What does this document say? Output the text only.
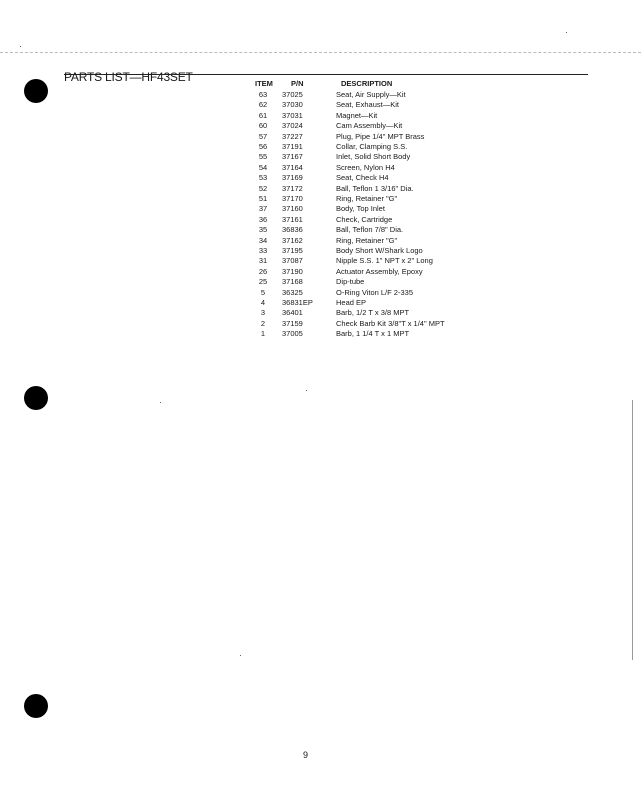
PARTS LIST—HF43SET	ITEM P/N	DESCRIPTION
63	37025	Seat, Air Supply—Kit
62	37030	Seat, Exhaust—Kit
61	37031	Magnet—Kit
60	37024	Cam Assembly—Kit
57	37227	Plug, Pipe 1/4" MPT Brass
56	37191	Collar, Clamping S.S.
55	37167	Inlet, Solid Short Body
54	37164	Screen, Nylon H4
53	37169	Seat, Check H4
52	37172	Ball, Teflon 1 3/16" Dia.
51	37170	Ring, Retainer "G"
37	37160	Body, Top Inlet
36	37161	Check, Cartridge
35	36836	Ball, Teflon 7/8" Dia.
34	37162	Ring, Retainer "G"
33	37195	Body Short W/Shark Logo
31	37087	Nipple S.S. 1" NPT x 2" Long
26	37190	Actuator Assembly, Epoxy
25	37168	Dip-tube
5	36325	O-Ring Viton L/F 2-335
4	36831EP	Head EP
3	36401	Barb, 1/2 T x 3/8 MPT
2	37159	Check Barb Kit 3/8"T x 1/4" MPT
1	37005	Barb, 1 1/4 T x 1 MPT
9
